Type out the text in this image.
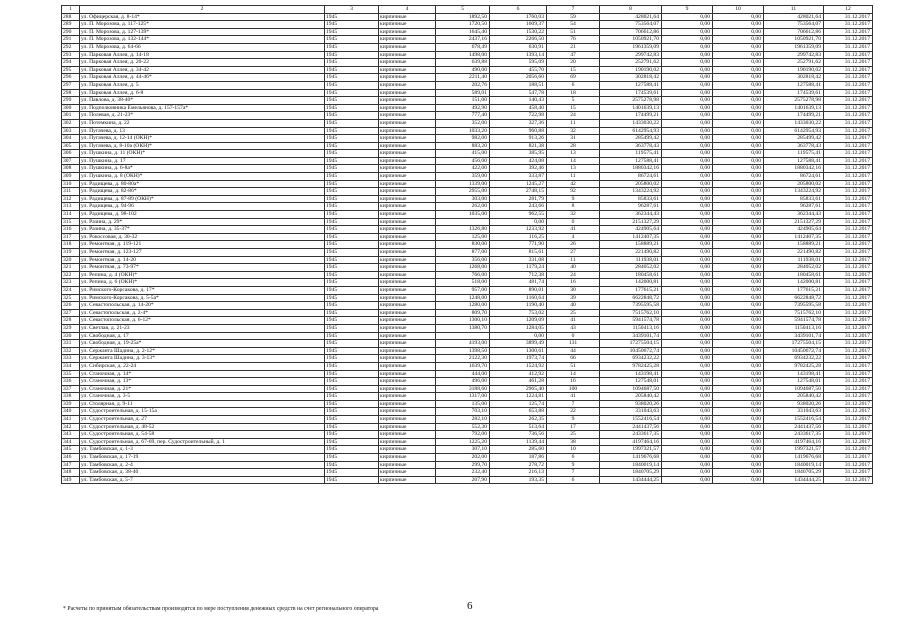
1	2	3	4	5	6	7	8	9	10	11	12
288	ул. Офицерская, д. 8-14*	1945	кирпичные	1892,50	1760,03	59	428021,64	0,00	0,00	428021,64	31.12.2017
289	ул. П. Морозова, д. 117-125*	1945	кирпичные	1720,50	1609,37	54	753564,07	0,00	0,00	753564,07	31.12.2017
290	ул. П. Морозова, д. 127-139*	1945	кирпичные	1645,40	1530,22	51	706612,86	0,00	0,00	706612,86	31.12.2017
291	ул. П. Морозова, д. 132-144*	1945	кирпичные	2437,16	2266,50	76	1050921,70	0,00	0,00	1050921,70	31.12.2017
292	ул. П. Морозова, д. 64-66	1945	кирпичные	678,49	630,91	21	1961359,09	0,00	0,00	1961359,09	31.12.2017
293	ул. Парковая Аллея, д. 14-18	1945	кирпичные	1498,00	1393,14	47	299742,83	0,00	0,00	299742,83	31.12.2017
294	ул. Парковая Аллея, д. 20-22	1945	кирпичные	639,88	595,09	20	252791,62	0,00	0,00	252791,62	31.12.2017
295	ул. Парковая Аллея, д. 34-42	1945	кирпичные	490,00	455,70	15	190190,02	0,00	0,00	190190,02	31.12.2017
296	ул. Парковая Аллея, д. 44-46*	1945	кирпичные	2211,40	2056,60	69	302818,42	0,00	0,00	302818,42	31.12.2017
297	ул. Парковая Аллея, д. 5	1945	кирпичные	202,76	188,51	6	127588,41	0,00	0,00	127588,41	31.12.2017
298	ул. Парковая Аллея, д. 6-8	1945	кирпичные	589,01	547,78	18	174539,61	0,00	0,00	174539,61	31.12.2017
299	ул. Павлова, д. 38-40*	1945	кирпичные	151,00	140,43	5	2575278,98	0,00	0,00	2575278,98	31.12.2017
300	ул. Подполковника Емельянова, д. 157-157а*	1945	кирпичные	492,90	458,40	15	1401639,13	0,00	0,00	1401639,13	31.12.2017
301	ул. Полевая, д. 21-23*	1945	кирпичные	777,40	722,98	24	174499,21	0,00	0,00	174499,21	31.12.2017
302	ул. Потемкина, д. 22	1945	кирпичные	352,00	327,36	11	1433030,22	0,00	0,00	1433030,22	31.12.2017
303	ул. Пугачева, д. 13	1945	кирпичные	1033,20	960,88	32	6142954,93	0,00	0,00	6142954,93	31.12.2017
304	ул. Пугачева, д. 12-14 (ОКН)*	1945	кирпичные	982,00	913,26	31	285499,42	0,00	0,00	285499,42	31.12.2017
305	ул. Пугачева, д. 8-10а (ОКН)*	1945	кирпичные	883,20	821,38	28	363778,43	0,00	0,00	363778,43	31.12.2017
306	ул. Пушкина, д. 11 (ОКН)*	1945	кирпичные	415,00	385,95	13	119575,41	0,00	0,00	119575,41	31.12.2017
307	ул. Пушкина, д. 17	1945	кирпичные	456,00	424,08	14	127588,41	0,00	0,00	127588,41	31.12.2017
308	ул. Пушкина, д. 6-8а*	1945	кирпичные	422,00	392,46	13	1880342,16	0,00	0,00	1880342,16	31.12.2017
309	ул. Пушкина, д. 8 (ОКН)*	1945	кирпичные	359,00	333,87	11	86724,61	0,00	0,00	86724,61	31.12.2017
310	ул. Радищева, д. 80-80а*	1945	кирпичные	1339,00	1245,27	42	205800,02	0,00	0,00	205800,02	31.12.2017
311	ул. Радищева, д. 82-86*	1945	кирпичные	2955,00	2748,15	92	1343224,92	0,00	0,00	1343224,92	31.12.2017
312	ул. Радищева, д. 87-89 (ОКН)*	1945	кирпичные	303,00	281,79	9	85833,61	0,00	0,00	85833,61	31.12.2017
313	ул. Радищева, д. 94-96	1945	кирпичные	262,00	243,66	8	96287,61	0,00	0,00	96287,61	31.12.2017
314	ул. Радищева, д. 98-102	1945	кирпичные	1035,00	962,55	32	362344,43	0,00	0,00	362344,43	31.12.2017
315	ул. Разина, д. 29*	1945	кирпичные		0,00	0	2151327,29	0,00	0,00	2151327,29	31.12.2017
316	ул. Разина, д. 35-37*	1945	кирпичные	1326,80	1233,92	41	424905,64	0,00	0,00	424905,64	31.12.2017
317	ул. Рокоссовая, д. 30-32	1945	кирпичные	125,00	116,25	4	1412407,35	0,00	0,00	1412407,35	31.12.2017
318	ул. Ремонтная, д. 119-121	1945	кирпичные	830,00	771,90	26	158889,21	0,00	0,00	158889,21	31.12.2017
319	ул. Ремонтная, д. 123-127	1945	кирпичные	877,00	815,61	27	221490,82	0,00	0,00	221490,82	31.12.2017
320	ул. Ремонтная, д. 14-20	1945	кирпичные	356,00	331,08	11	111938,01	0,00	0,00	111938,01	31.12.2017
321	ул. Ремонтная, д. 73-97*	1945	кирпичные	1268,00	1179,24	40	284052,02	0,00	0,00	284052,02	31.12.2017
322	ул. Репина, д. 4 (ОКН)*	1945	кирпичные	766,00	712,38	24	180458,61	0,00	0,00	180458,61	31.12.2017
323	ул. Репина, д. 6 (ОКН)*	1945	кирпичные	518,00	481,74	16	142000,81	0,00	0,00	142000,81	31.12.2017
324	ул. Римского-Корсакова, д. 17*	1945	кирпичные	957,00	890,01	30	177615,21	0,00	0,00	177615,21	31.12.2017
325	ул. Римского-Корсакова, д. 5-5а*	1945	кирпичные	1248,00	1160,64	39	6622848,72	0,00	0,00	6622848,72	31.12.2017
326	ул. Севастопольская, д. 14-20*	1945	кирпичные	1280,00	1190,40	40	7395595,58	0,00	0,00	7395595,58	31.12.2017
327	ул. Севастопольская, д. 2-4*	1945	кирпичные	809,70	753,02	25	7515762,10	0,00	0,00	7515762,10	31.12.2017
328	ул. Севастопольская, д. 6-12*	1945	кирпичные	1300,10	1209,09	41	5941574,78	0,00	0,00	5941574,78	31.12.2017
329	ул. Светлая, д. 21-23	1945	кирпичные	1380,70	1284,05	43	1150413,16	0,00	0,00	1150413,16	31.12.2017
330	ул. Свободная, д. 17	1945	кирпичные		0,00	0	3439101,74	0,00	0,00	3439101,74	31.12.2017
331	ул. Свободная, д. 19-25а*	1945	кирпичные	4193,00	3899,49	131	17275504,15	0,00	0,00	17275504,15	31.12.2017
332	ул. Сержанта Шадина, д. 2-12*	1945	кирпичные	1398,50	1300,61	44	10450672,74	0,00	0,00	10450672,74	31.12.2017
333	ул. Сержанта Шадина, д. 3-13*	1945	кирпичные	2122,30	1973,74	66	6934232,22	0,00	0,00	6934232,22	31.12.2017
334	ул. Сибирская, д. 22-24	1945	кирпичные	1639,70	1524,92	51	9782425,28	0,00	0,00	9782425,28	31.12.2017
335	ул. Станочная, д. 14*	1945	кирпичные	444,00	412,92	14	143198,41	0,00	0,00	143198,41	31.12.2017
336	ул. Станочная, д. 13*	1945	кирпичные	496,00	461,28	16	127548,01	0,00	0,00	127548,01	31.12.2017
337	ул. Станочная, д. 21*	1945	кирпичные	3188,60	2965,40	100	1094687,50	0,00	0,00	1094687,50	31.12.2017
338	ул. Станочная, д. 3-5	1945	кирпичные	1317,00	1224,81	41	205840,42	0,00	0,00	205840,42	31.12.2017
339	ул. Столярная, д. 9-11	1945	кирпичные	135,00	125,74	7	938020,26	0,00	0,00	938020,26	31.12.2017
340	ул. Судостроительная, д. 15-15а	1945	кирпичные	703,10	653,88	22	331043,63	0,00	0,00	331043,63	31.12.2017
341	ул. Судостроительная, д. 27	1945	кирпичные	282,10	262,35	9	1552416,54	0,00	0,00	1552416,54	31.12.2017
342	ул. Судостроительная, д. 48-52	1945	кирпичные	552,30	513,64	17	2441437,56	0,00	0,00	2441437,56	31.12.2017
343	ул. Судостроительная, д. 54-58	1945	кирпичные	792,00	736,56	25	2433617,35	0,00	0,00	2433617,35	31.12.2017
344	ул. Судостроительная, д. 67-69, пер. Судостроительный, д. 1	1945	кирпичные	1225,20	1139,44	38	4197464,16	0,00	0,00	4197464,16	31.12.2017
345	ул. Тамбовская, д. 1-3	1945	кирпичные	307,10	285,60	10	1997321,57	0,00	0,00	1997321,57	31.12.2017
346	ул. Тамбовская, д. 17-19	1945	кирпичные	202,00	187,86	6	1419676,68	0,00	0,00	1419676,68	31.12.2017
347	ул. Тамбовская, д. 2-4	1945	кирпичные	299,70	278,72	9	1840019,14	0,00	0,00	1840019,14	31.12.2017
348	ул. Тамбовская, д. 38-40	1945	кирпичные	232,40	216,13	7	1840705,29	0,00	0,00	1840705,29	31.12.2017
349	ул. Тамбовская, д. 5-7	1945	кирпичные	207,90	193,35	6	1434444,25	0,00	0,00	1434444,25	31.12.2017
6
* Расчеты по принятым обязательствам производятся по мере поступления денежных средств на счет регионального оператора
